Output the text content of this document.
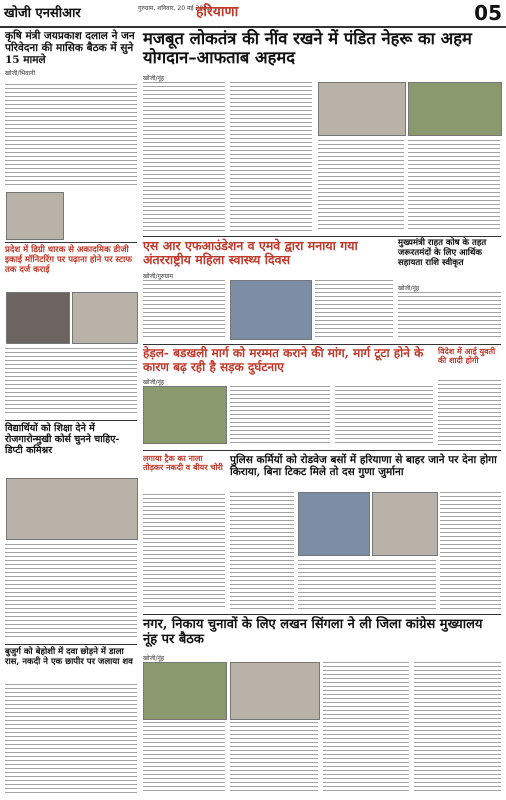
खोजी एनसीआर	गुरुग्राम, शनिवार, 20 मई 2022
हरियाणा	05
कृषि मंत्री जयप्रकाश दलाल ने जन परिवेदना की मासिक बैठक में सुने 15 मामले
खोजी/भिवानी
मजबूत लोकतंत्र की नींव रखने में पंडित नेहरू का अहम योगदान–आफताब अहमद
खोजी/नूंह
एस आर एफआउंडेशन व एमवे द्वारा मनाया गया अंतरराष्ट्रीय महिला स्वास्थ्य दिवस
खोजी/गुरुग्राम
मुख्यमंत्री राहत कोष के तहत जरूरतमंदों के लिए आर्थिक सहायता राशि स्वीकृत
खोजी/नूंह
प्रदेश में डिग्री धारक से अकादमिक डीजी इकाई मॉनिटरिंग पर पढ़ाना होने पर स्टाफ तक दर्ज कराई
हेड़ल- बडखली मार्ग को मरम्मत कराने की मांग, मार्ग टूटा होने के कारण बढ़ रही है सड़क दुर्घटनाए
खोजी/नूंह
विदेश में आई युवती की शादी होगी
विद्यार्थियों को शिक्षा देने में रोजगारोन्मुखी कोर्स चुनने चाहिए- डिप्टी कमिश्नर
लगाया ट्रैक का नाला तोड़कर नकदी व बीयर चोरी
पुलिस कर्मियों को रोडवेज बसों में हरियाणा से बाहर जाने पर देना होगा किराया, बिना टिकट मिले तो दस गुणा जुर्माना
बुजुर्ग को बेहोशी में दवा छोड़ने में डाला रास, नकदी ने एक छापीर पर जलाया शव
नगर, निकाय चुनावों के लिए लखन सिंगला ने ली जिला कांग्रेस मुख्यालय नूंह पर बैठक
खोजी/नूंह
